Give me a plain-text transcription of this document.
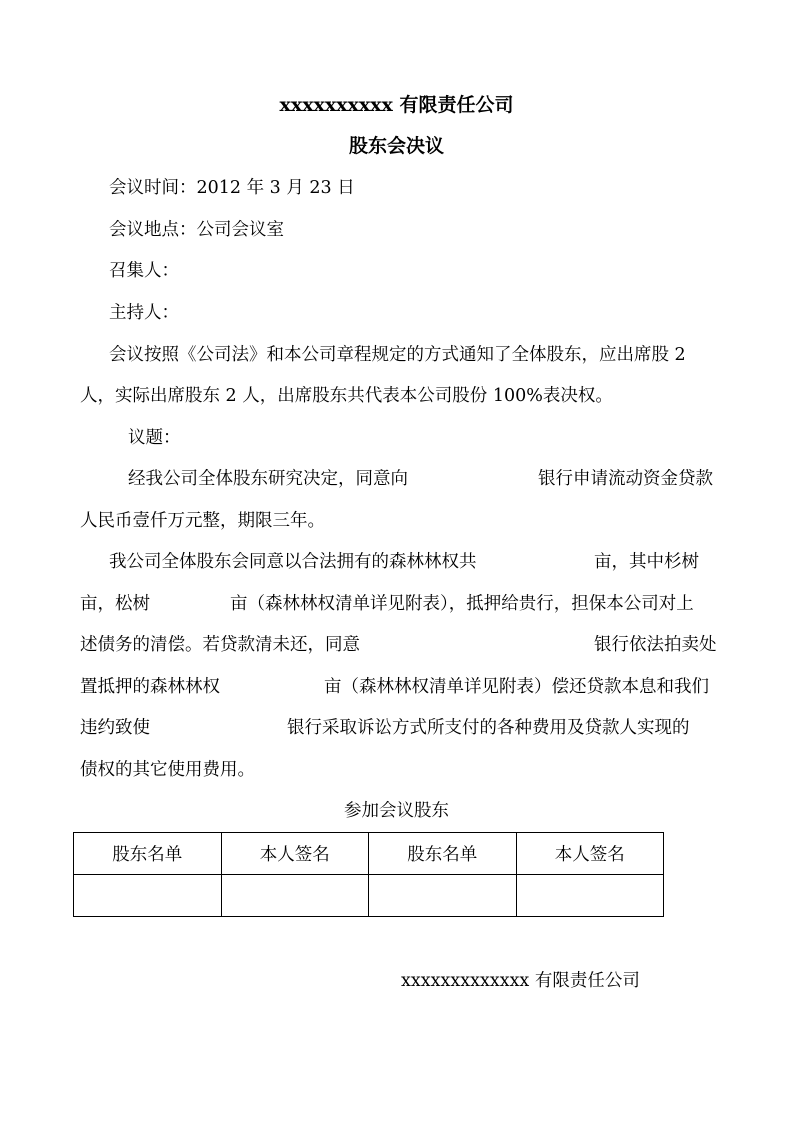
xxxxxxxxxx 有限责任公司
股东会决议
会议时间：2012 年 3 月 23 日
会议地点：公司会议室
召集人：
主持人：
会议按照《公司法》和本公司章程规定的方式通知了全体股东，应出席股 2
人，实际出席股东 2 人，出席股东共代表本公司股份 100%表决权。
议题：
经我公司全体股东研究决定，同意向	银行申请流动资金贷款
人民币壹仟万元整，期限三年。
我公司全体股东会同意以合法拥有的森林林权共	亩，其中杉树
亩，松树	亩（森林林权清单详见附表），抵押给贵行，担保本公司对上
述债务的清偿。若贷款清未还，同意	银行依法拍卖处
置抵押的森林林权	亩（森林林权清单详见附表）偿还贷款本息和我们
违约致使	银行采取诉讼方式所支付的各种费用及贷款人实现的
债权的其它使用费用。
参加会议股东
股东名单	本人签名	股东名单	本人签名

xxxxxxxxxxxxx 有限责任公司
